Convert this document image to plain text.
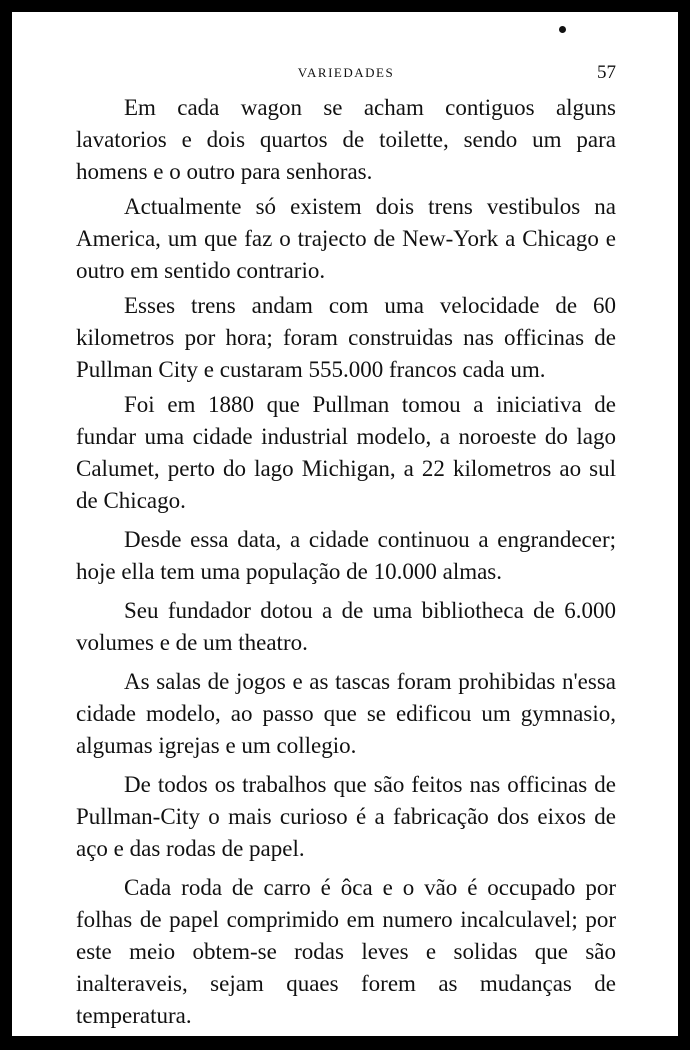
VARIEDADES	57

Em cada wagon se acham contiguos alguns lavatorios e dois quartos de toilette, sendo um para homens e o outro para senhoras.

Actualmente só existem dois trens vestibulos na America, um que faz o trajecto de New-York a Chicago e outro em sentido contrario.

Esses trens andam com uma velocidade de 60 kilometros por hora; foram construidas nas officinas de Pullman City e custaram 555.000 francos cada um.

Foi em 1880 que Pullman tomou a iniciativa de fundar uma cidade industrial modelo, a noroeste do lago Calumet, perto do lago Michigan, a 22 kilometros ao sul de Chicago.

Desde essa data, a cidade continuou a engrandecer; hoje ella tem uma população de 10.000 almas.

Seu fundador dotou a de uma bibliotheca de 6.000 volumes e de um theatro.

As salas de jogos e as tascas foram prohibidas n'essa cidade modelo, ao passo que se edificou um gymnasio, algumas igrejas e um collegio.

De todos os trabalhos que são feitos nas officinas de Pullman-City o mais curioso é a fabricação dos eixos de aço e das rodas de papel.

Cada roda de carro é ôca e o vão é occupado por folhas de papel comprimido em numero incalculavel; por este meio obtem-se rodas leves e solidas que são inalteraveis, sejam quaes forem as mudanças de temperatura.
